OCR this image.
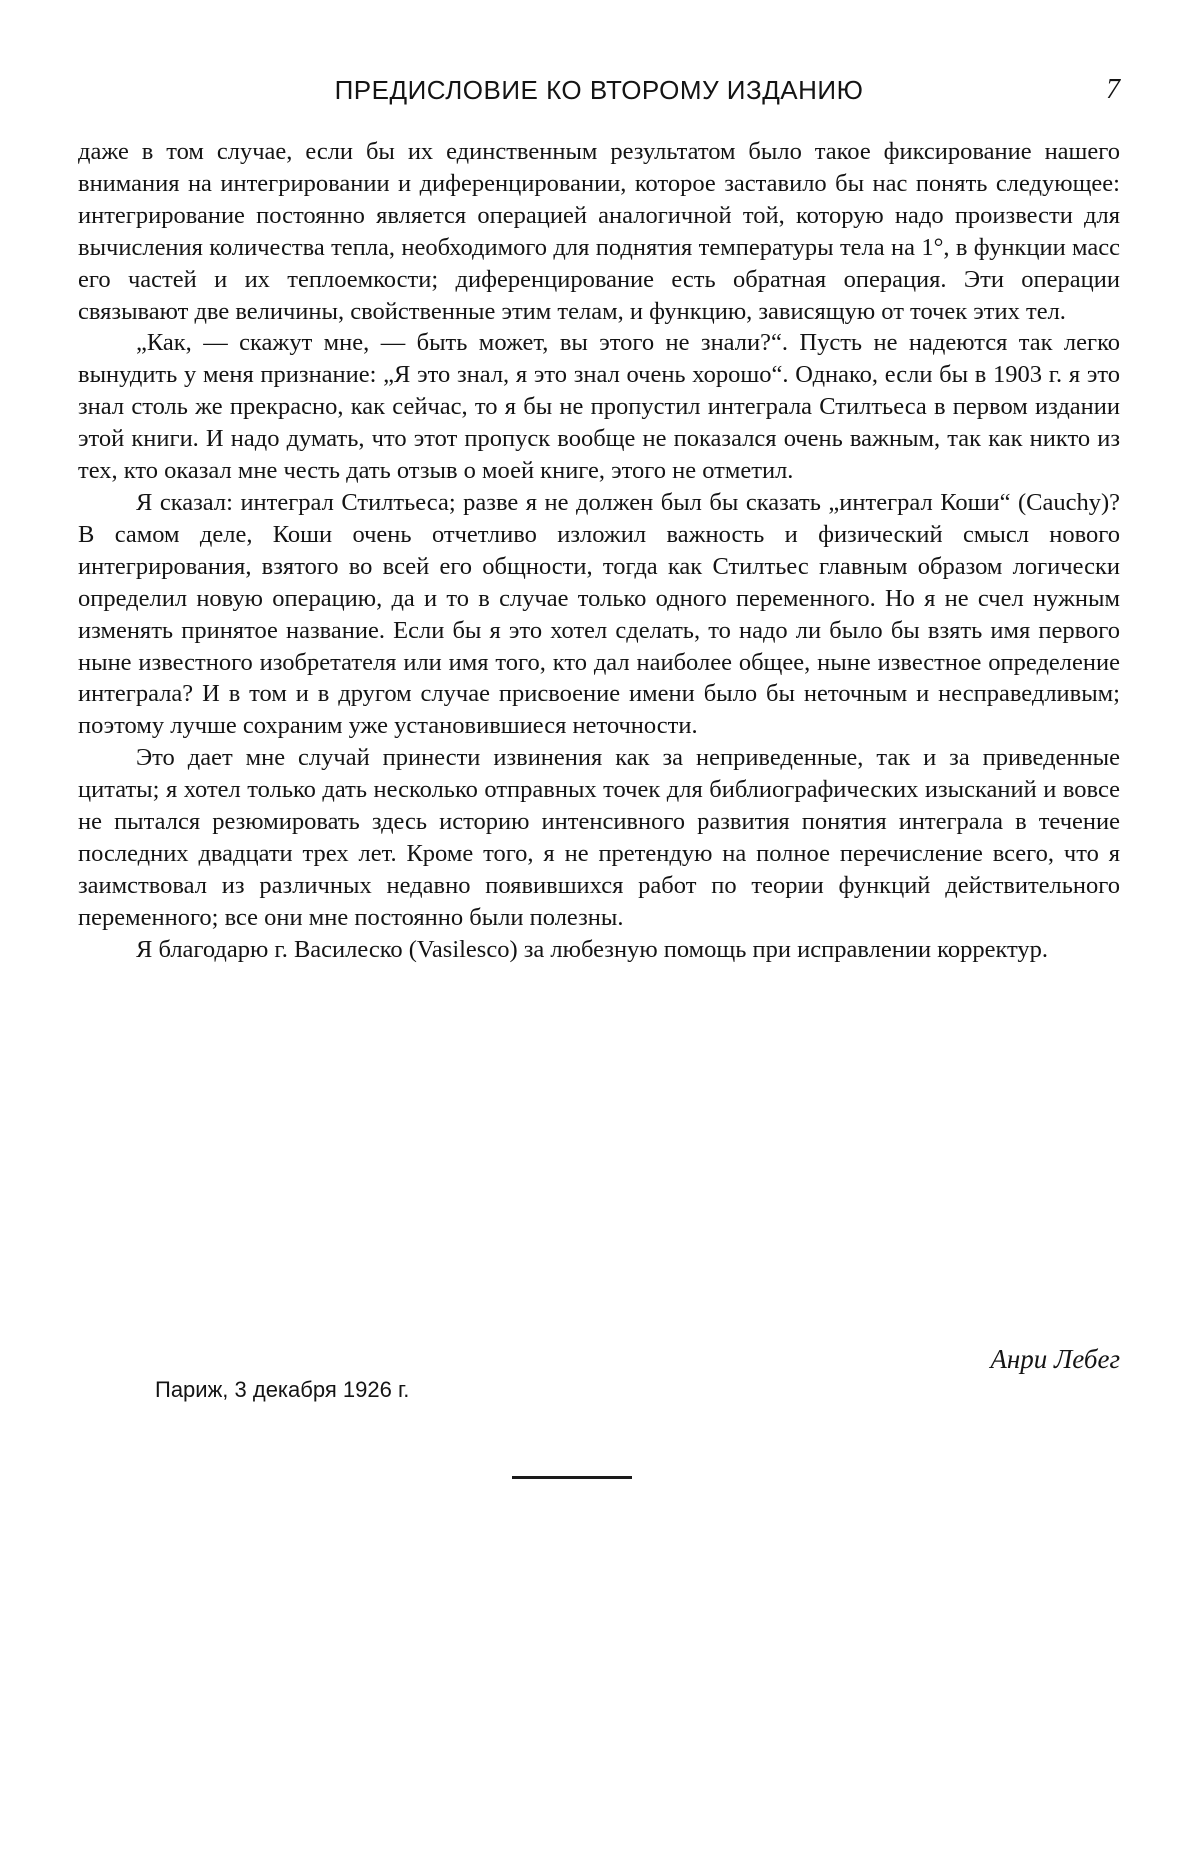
ПРЕДИСЛОВИЕ КО ВТОРОМУ ИЗДАНИЮ	7

даже в том случае, если бы их единственным результатом было такое фиксирование нашего внимания на интегрировании и диференцировании, которое заставило бы нас понять следующее: интегрирование постоянно является операцией аналогичной той, которую надо произвести для вычисления количества тепла, необходимого для поднятия температуры тела на 1°, в функции масс его частей и их теплоемкости; диференцирование есть обратная операция. Эти операции связывают две величины, свойственные этим телам, и функцию, зависящую от точек этих тел.

„Как, — скажут мне, — быть может, вы этого не знали?“. Пусть не надеются так легко вынудить у меня признание: „Я это знал, я это знал очень хорошо“. Однако, если бы в 1903 г. я это знал столь же прекрасно, как сейчас, то я бы не пропустил интеграла Стилтьеса в первом издании этой книги. И надо думать, что этот пропуск вообще не показался очень важным, так как никто из тех, кто оказал мне честь дать отзыв о моей книге, этого не отметил.

Я сказал: интеграл Стилтьеса; разве я не должен был бы сказать „интеграл Коши“ (Cauchy)? В самом деле, Коши очень отчетливо изложил важность и физический смысл нового интегрирования, взятого во всей его общности, тогда как Стилтьес главным образом логически определил новую операцию, да и то в случае только одного переменного. Но я не счел нужным изменять принятое название. Если бы я это хотел сделать, то надо ли было бы взять имя первого ныне известного изобретателя или имя того, кто дал наиболее общее, ныне известное определение интеграла? И в том и в другом случае присвоение имени было бы неточным и несправедливым; поэтому лучше сохраним уже установившиеся неточности.

Это дает мне случай принести извинения как за неприведенные, так и за приведенные цитаты; я хотел только дать несколько отправных точек для библиографических изысканий и вовсе не пытался резюмировать здесь историю интенсивного развития понятия интеграла в течение последних двадцати трех лет. Кроме того, я не претендую на полное перечисление всего, что я заимствовал из различных недавно появившихся работ по теории функций действительного переменного; все они мне постоянно были полезны.

Я благодарю г. Василеско (Vasilesco) за любезную помощь при исправлении корректур.

Анри Лебег
Париж, 3 декабря 1926 г.
